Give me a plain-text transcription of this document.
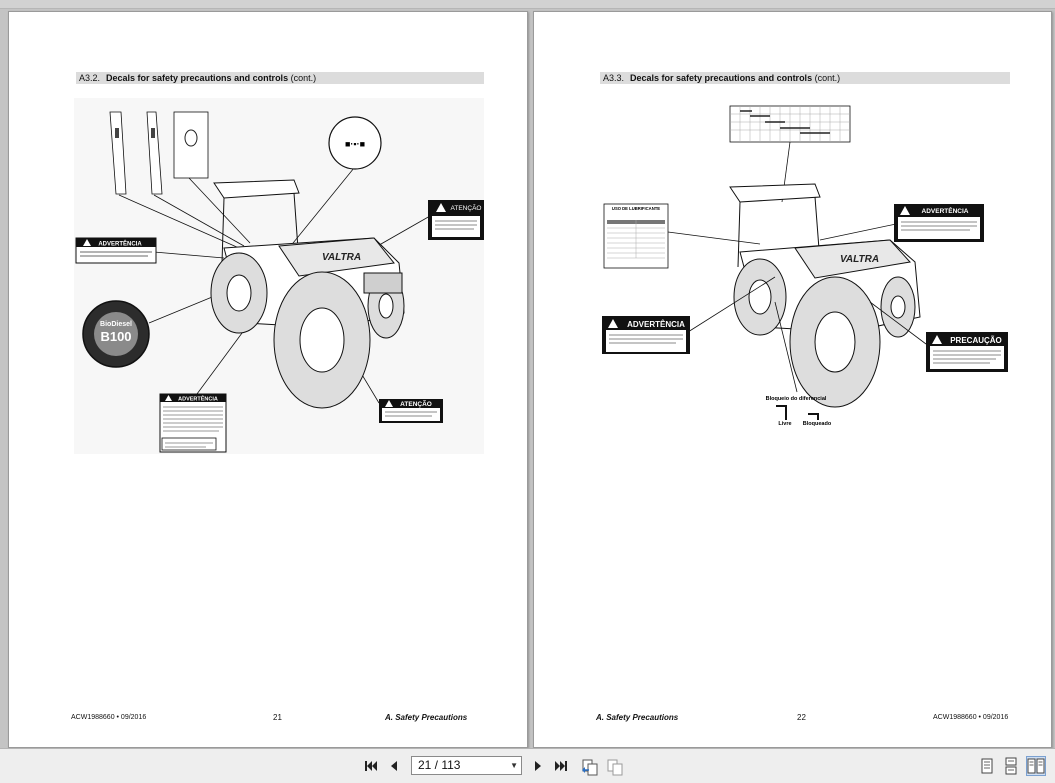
A3.2. Decals for safety precautions and controls (cont.)
■·▪·■
VALTRA
ADVERTÊNCIA
ATENÇÃO
BioDiesel
B100
ADVERTÊNCIA
ATENÇÃO
ACW1988660 • 09/2016	21	A. Safety Precautions
A3.3. Decals for safety precautions and controls (cont.)
USO DE LUBRIFICANTE
VALTRA
ADVERTÊNCIA
ADVERTÊNCIA
PRECAUÇÃO
Bloqueio do diferencial
Livre Bloqueado
A. Safety Precautions	22	ACW1988660 • 09/2016
21 / 113	▼
